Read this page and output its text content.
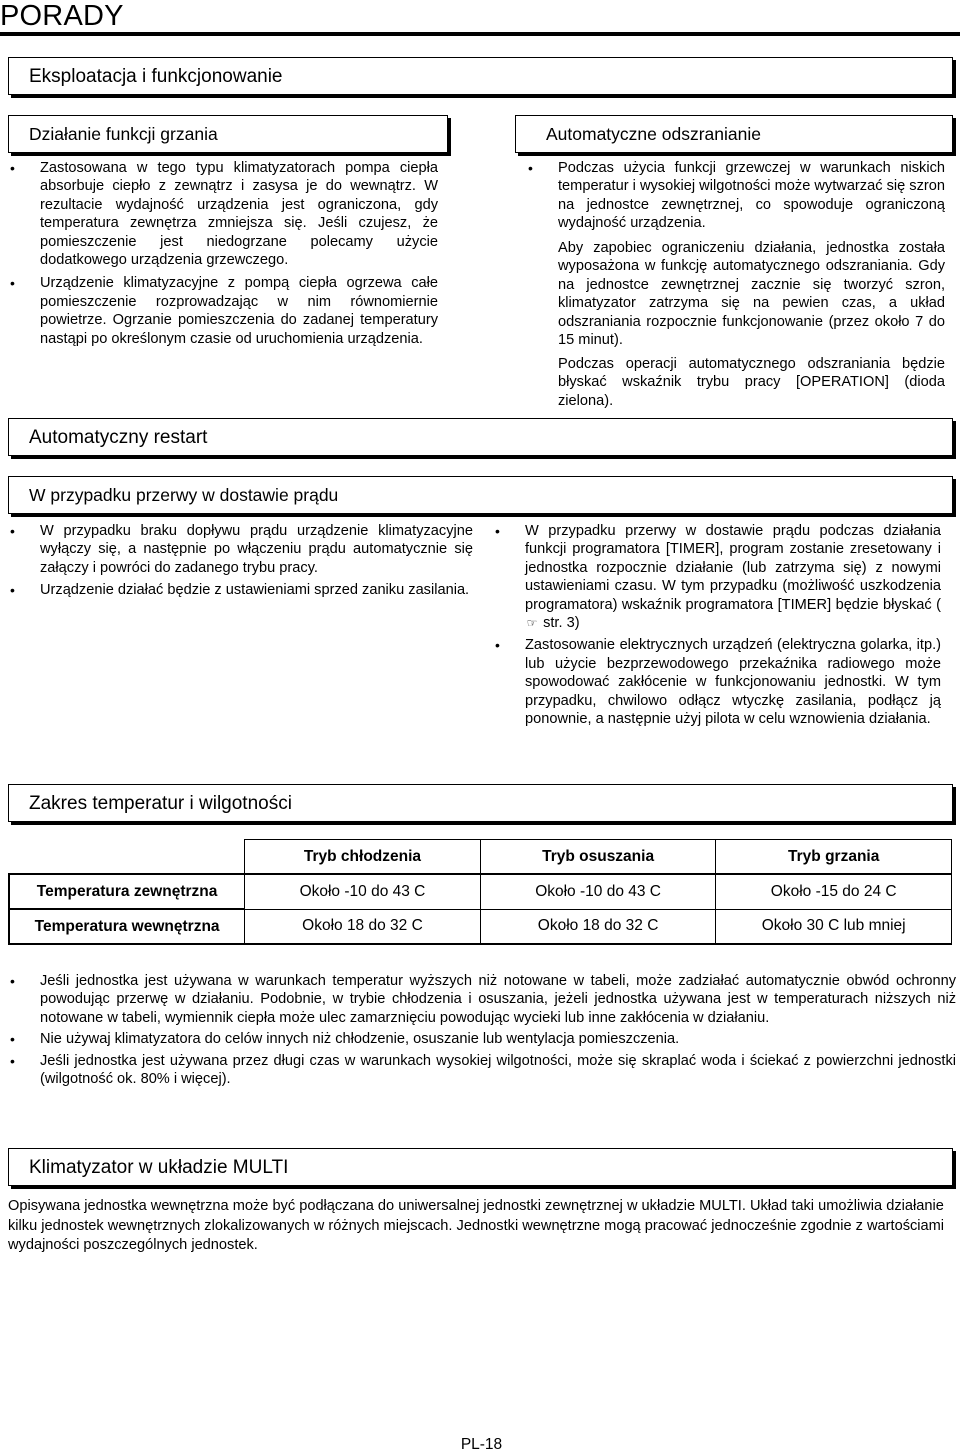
PORADY
Eksploatacja i funkcjonowanie
Działanie funkcji grzania
• Zastosowana w tego typu klimatyzatorach pompa ciepła absorbuje ciepło z zewnątrz i zasysa je do wewnątrz. W rezultacie wydajność urządzenia jest ograniczona, gdy temperatura zewnętrza zmniejsza się. Jeśli czujesz, że pomieszczenie jest niedogrzane polecamy użycie dodatkowego urządzenia grzewczego.
• Urządzenie klimatyzacyjne z pompą ciepła ogrzewa całe pomieszczenie rozprowadzając w nim równomiernie powietrze. Ogrzanie pomieszczenia do zadanej temperatury nastąpi po określonym czasie od uruchomienia urządzenia.
Automatyczne odszranianie
• Podczas użycia funkcji grzewczej w warunkach niskich temperatur i wysokiej wilgotności może wytwarzać się szron na jednostce zewnętrznej, co spowoduje ograniczoną wydajność urządzenia.
Aby zapobiec ograniczeniu działania, jednostka została wyposażona w funkcję automatycznego odszraniania. Gdy na jednostce zewnętrznej zacznie się tworzyć szron, klimatyzator zatrzyma się na pewien czas, a układ odszraniania rozpocznie funkcjonowanie (przez około 7 do 15 minut).
Podczas operacji automatycznego odszraniania będzie błyskać wskaźnik trybu pracy [OPERATION] (dioda zielona).
Automatyczny restart
W przypadku przerwy w dostawie prądu
• W przypadku braku dopływu prądu urządzenie klimatyzacyjne wyłączy się, a następnie po włączeniu prądu automatycznie się załączy i powróci do zadanego trybu pracy.
• Urządzenie działać będzie z ustawieniami sprzed zaniku zasilania.
• W przypadku przerwy w dostawie prądu podczas działania funkcji programatora [TIMER], program zostanie zresetowany i jednostka rozpocznie działanie (lub zatrzyma się) z nowymi ustawieniami czasu. W tym przypadku (możliwość uszkodzenia programatora) wskaźnik programatora [TIMER] będzie błyskać (☞ str. 3)
• Zastosowanie elektrycznych urządzeń (elektryczna golarka, itp.) lub użycie bezprzewodowego przekaźnika radiowego może spowodować zakłócenie w funkcjonowaniu jednostki. W tym przypadku, chwilowo odłącz wtyczkę zasilania, podłącz ją ponownie, a następnie użyj pilota w celu wznowienia działania.
Zakres temperatur i wilgotności
	Tryb chłodzenia	Tryb osuszania	Tryb grzania
Temperatura zewnętrzna	Około -10 do 43 C	Około -10 do 43 C	Około -15 do 24 C
Temperatura wewnętrzna	Około 18 do 32 C	Około 18 do 32 C	Około 30 C lub mniej
• Jeśli jednostka jest używana w warunkach temperatur wyższych niż notowane w tabeli, może zadziałać automatycznie obwód ochronny powodując przerwę w działaniu. Podobnie, w trybie chłodzenia i osuszania, jeżeli jednostka używana jest w temperaturach niższych niż notowane w tabeli, wymiennik ciepła może ulec zamarznięciu powodując wycieki lub inne zakłócenia w działaniu.
• Nie używaj klimatyzatora do celów innych niż chłodzenie, osuszanie lub wentylacja pomieszczenia.
• Jeśli jednostka jest używana przez długi czas w warunkach wysokiej wilgotności, może się skraplać woda i ściekać z powierzchni jednostki (wilgotność ok. 80% i więcej).
Klimatyzator w układzie MULTI
Opisywana jednostka wewnętrzna może być podłączana do uniwersalnej jednostki zewnętrznej w układzie MULTI. Układ taki umożliwia działanie kilku jednostek wewnętrznych zlokalizowanych w różnych miejscach. Jednostki wewnętrzne mogą pracować jednocześnie zgodnie z wartościami wydajności poszczególnych jednostek.
PL-18
